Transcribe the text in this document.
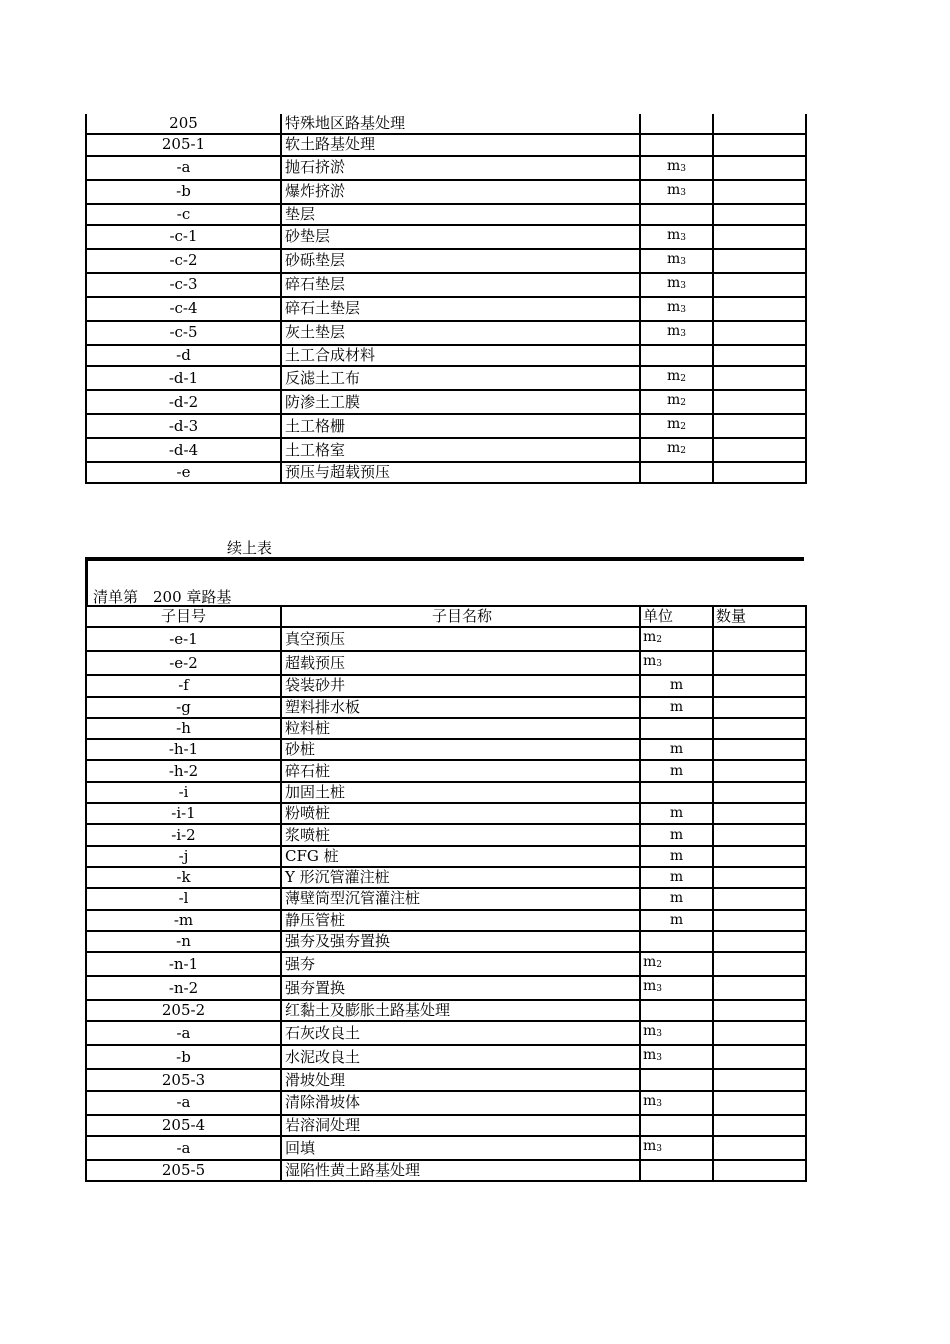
205	特殊地区路基处理		
205-1	软土路基处理		
-a	抛石挤淤	m3	
-b	爆炸挤淤	m3	
-c	垫层		
-c-1	砂垫层	m3	
-c-2	砂砾垫层	m3	
-c-3	碎石垫层	m3	
-c-4	碎石土垫层	m3	
-c-5	灰土垫层	m3	
-d	土工合成材料		
-d-1	反滤土工布	m2	
-d-2	防渗土工膜	m2	
-d-3	土工格栅	m2	
-d-4	土工格室	m2	
-e	预压与超载预压		
续上表
清单第　200 章路基
子目号	子目名称	单位	数量
-e-1	真空预压	m2	
-e-2	超载预压	m3	
-f	袋装砂井	m	
-g	塑料排水板	m	
-h	粒料桩		
-h-1	砂桩	m	
-h-2	碎石桩	m	
-i	加固土桩		
-i-1	粉喷桩	m	
-i-2	浆喷桩	m	
-j	CFG 桩	m	
-k	Y 形沉管灌注桩	m	
-l	薄壁筒型沉管灌注桩	m	
-m	静压管桩	m	
-n	强夯及强夯置换		
-n-1	强夯	m2	
-n-2	强夯置换	m3	
205-2	红黏土及膨胀土路基处理		
-a	石灰改良土	m3	
-b	水泥改良土	m3	
205-3	滑坡处理		
-a	清除滑坡体	m3	
205-4	岩溶洞处理		
-a	回填	m3	
205-5	湿陷性黄土路基处理		
